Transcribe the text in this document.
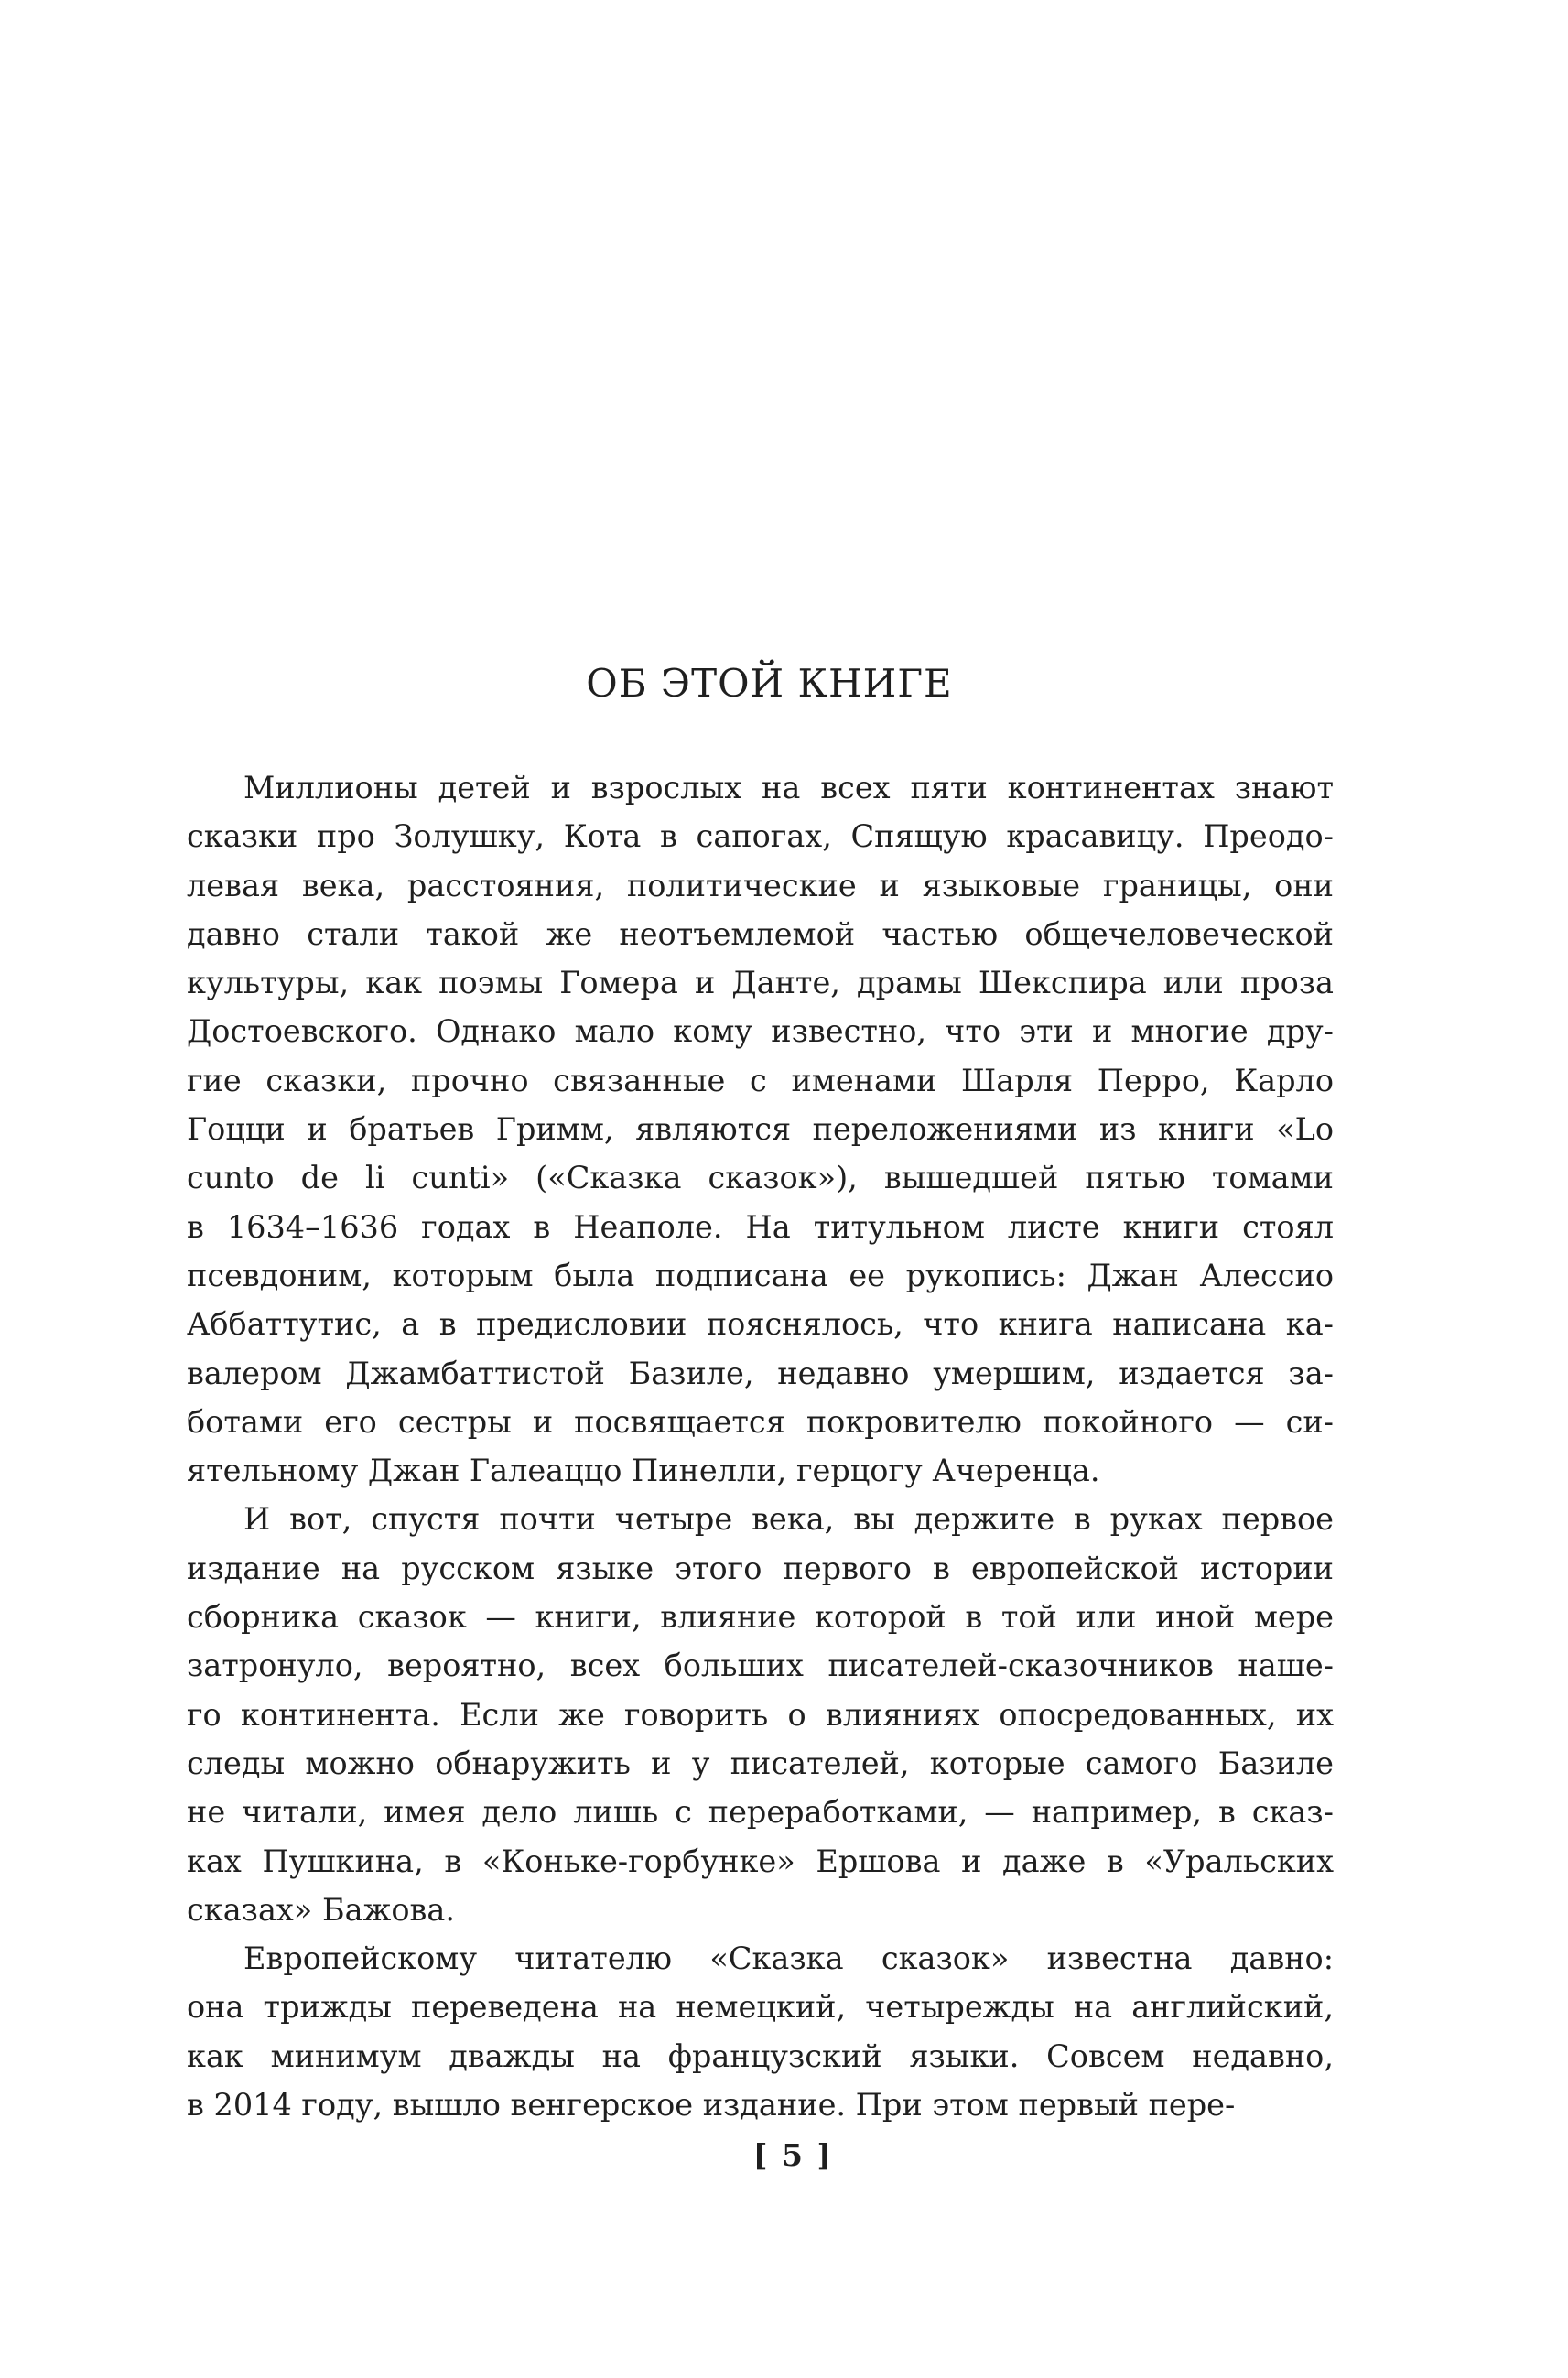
ОБ ЭТОЙ КНИГЕ

Миллионы детей и взрослых на всех пяти континентах знают
сказки про Золушку, Кота в сапогах, Спящую красавицу. Преодо-
левая века, расстояния, политические и языковые границы, они
давно стали такой же неотъемлемой частью общечеловеческой
культуры, как поэмы Гомера и Данте, драмы Шекспира или проза
Достоевского. Однако мало кому известно, что эти и многие дру-
гие сказки, прочно связанные с именами Шарля Перро, Карло
Гоцци и братьев Гримм, являются переложениями из книги «Lo
cunto de li cunti» («Сказка сказок»), вышедшей пятью томами
в 1634–1636 годах в Неаполе. На титульном листе книги стоял
псевдоним, которым была подписана ее рукопись: Джан Алессио
Аббаттутис, а в предисловии пояснялось, что книга написана ка-
валером Джамбаттистой Базиле, недавно умершим, издается за-
ботами его сестры и посвящается покровителю покойного — си-
ятельному Джан Галеаццо Пинелли, герцогу Ачеренца.

И вот, спустя почти четыре века, вы держите в руках первое
издание на русском языке этого первого в европейской истории
сборника сказок — книги, влияние которой в той или иной мере
затронуло, вероятно, всех больших писателей-сказочников наше-
го континента. Если же говорить о влияниях опосредованных, их
следы можно обнаружить и у писателей, которые самого Базиле
не читали, имея дело лишь с переработками, — например, в сказ-
ках Пушкина, в «Коньке-горбунке» Ершова и даже в «Уральских
сказах» Бажова.

Европейскому читателю «Сказка сказок» известна давно:
она трижды переведена на немецкий, четырежды на английский,
как минимум дважды на французский языки. Совсем недавно,
в 2014 году, вышло венгерское издание. При этом первый пере-

[ 5 ]
